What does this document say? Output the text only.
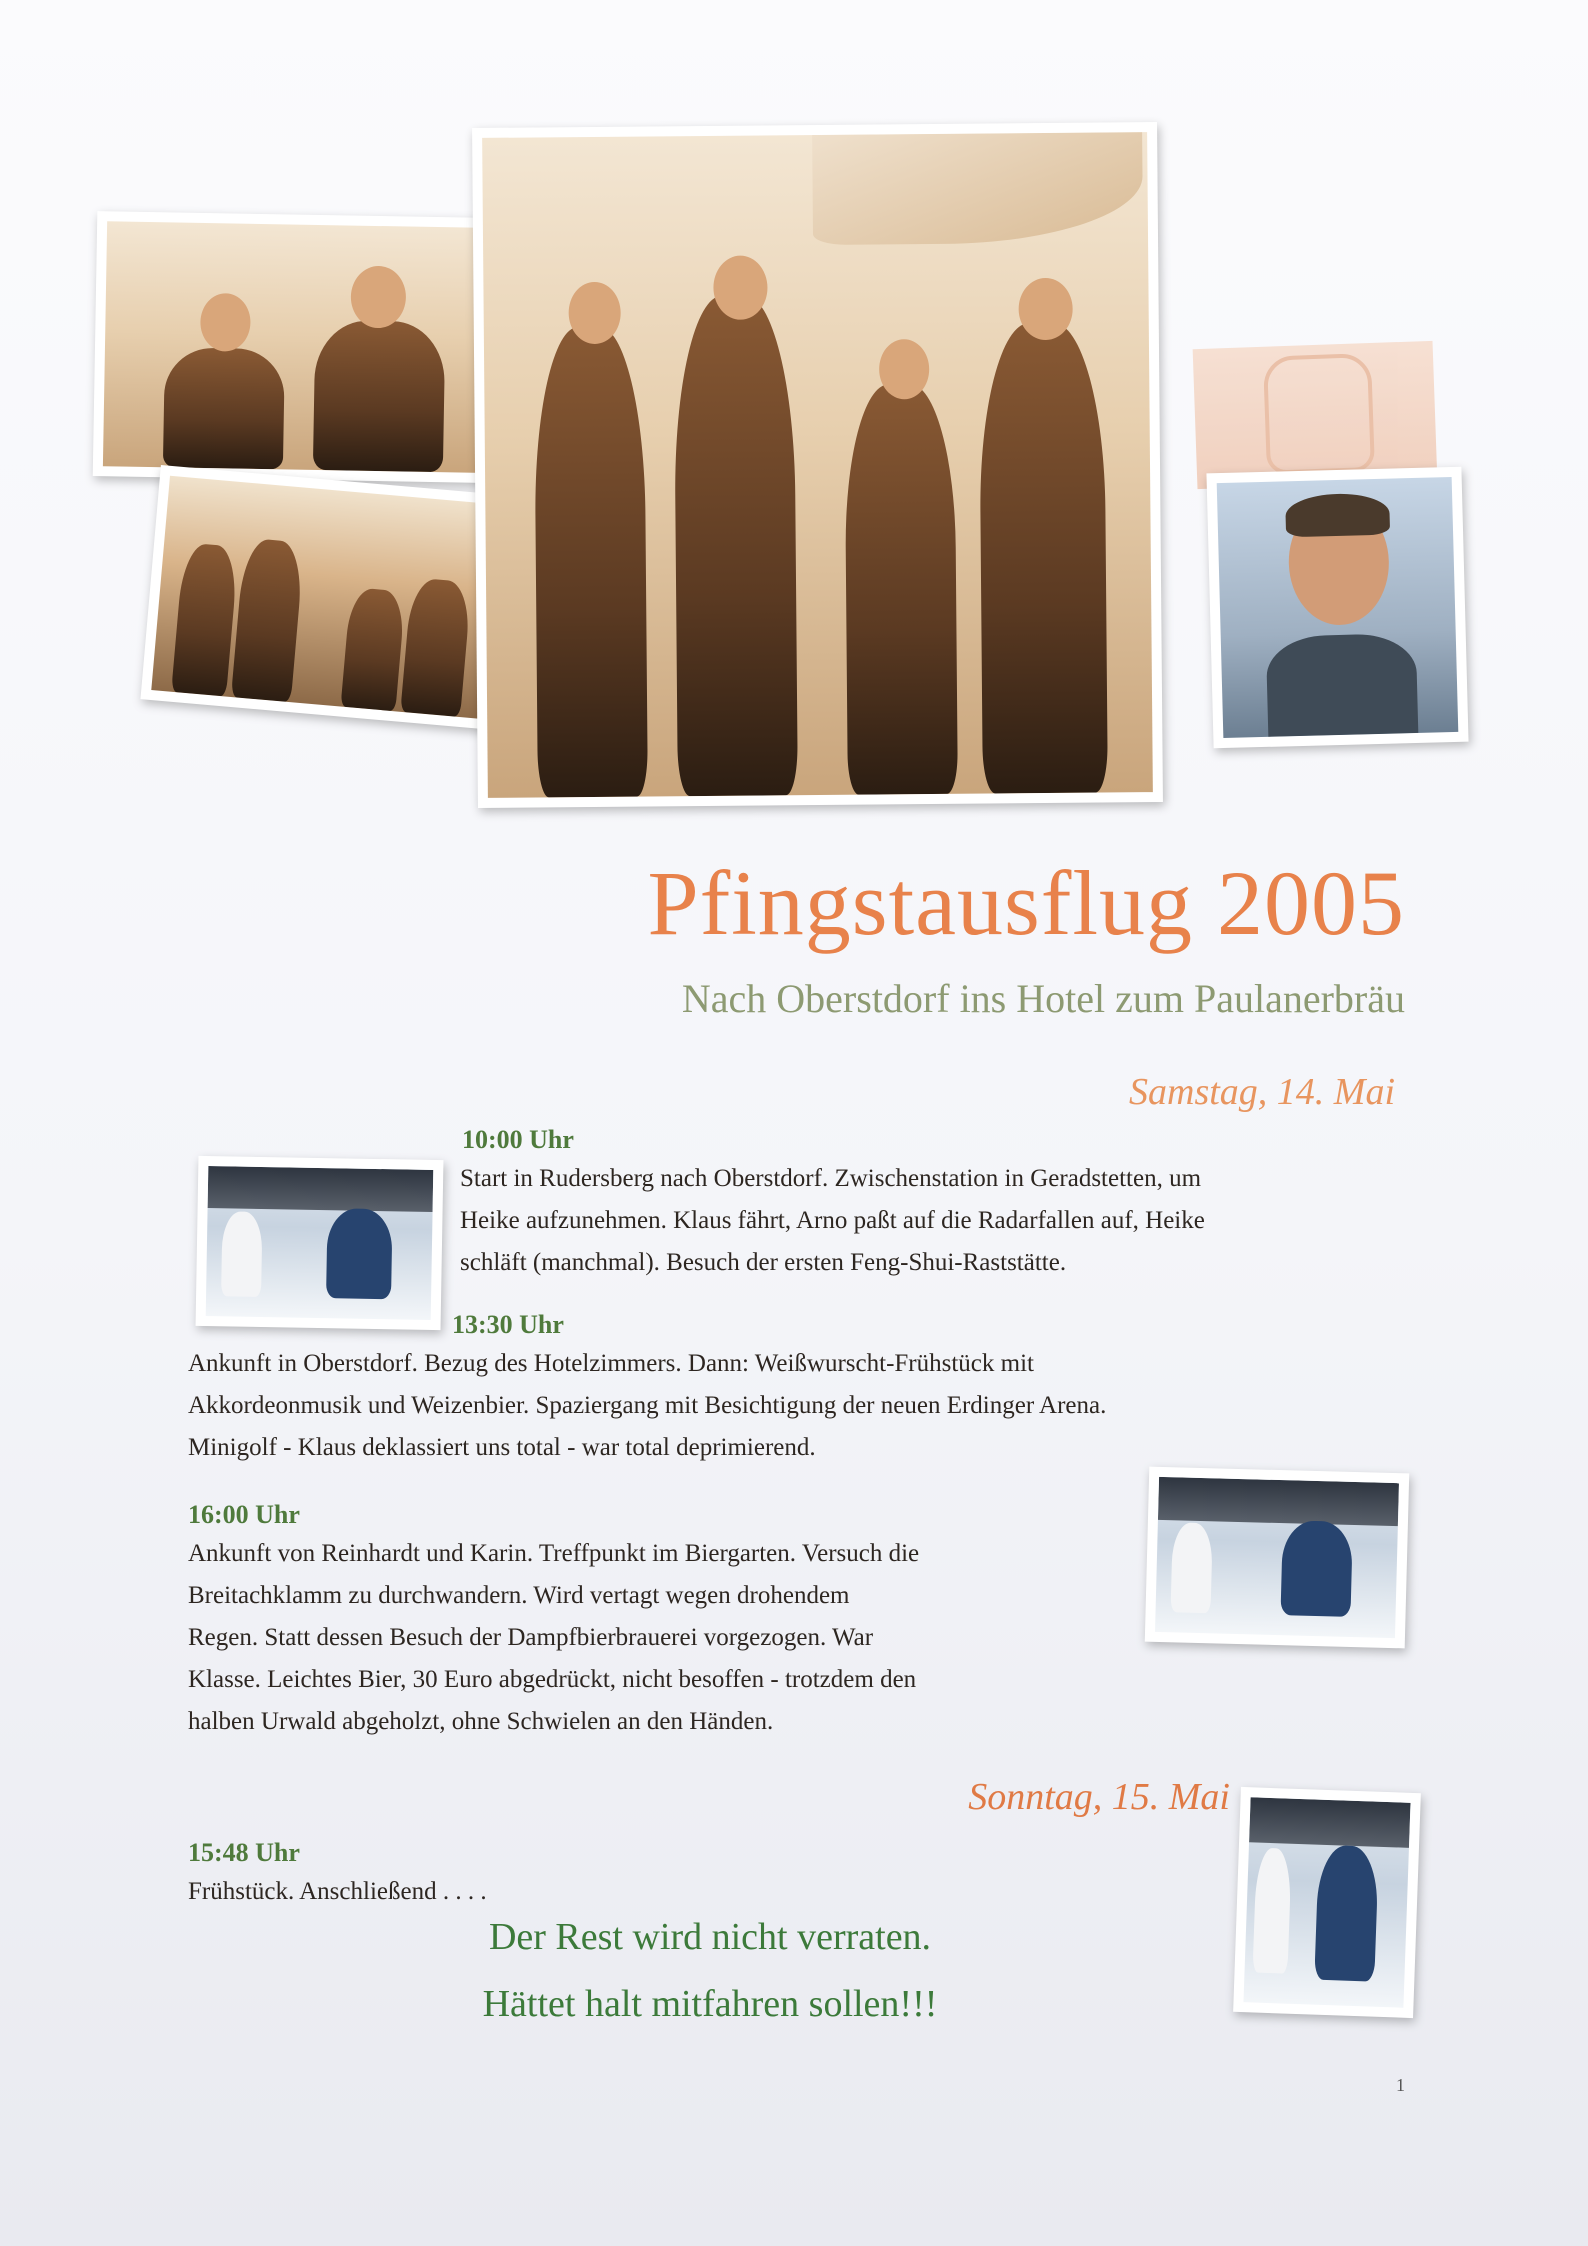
Pfingstausflug 2005
Nach Oberstdorf ins Hotel zum Paulanerbräu
Samstag, 14. Mai
10:00 Uhr
Start in Rudersberg nach Oberstdorf. Zwischenstation in Geradstetten, um
Heike aufzunehmen. Klaus fährt, Arno paßt auf die Radarfallen auf, Heike
schläft (manchmal). Besuch der ersten Feng-Shui-Raststätte.
13:30 Uhr
Ankunft in Oberstdorf. Bezug des Hotelzimmers. Dann: Weißwurscht-Frühstück mit
Akkordeonmusik und Weizenbier. Spaziergang mit Besichtigung der neuen Erdinger Arena.
Minigolf - Klaus deklassiert uns total - war total deprimierend.
16:00 Uhr
Ankunft von Reinhardt und Karin. Treffpunkt im Biergarten. Versuch die
Breitachklamm zu durchwandern. Wird vertagt wegen drohendem
Regen. Statt dessen Besuch der Dampfbierbrauerei vorgezogen. War
Klasse. Leichtes Bier, 30 Euro abgedrückt, nicht besoffen - trotzdem den
halben Urwald abgeholzt, ohne Schwielen an den Händen.
Sonntag, 15. Mai
15:48 Uhr
Frühstück. Anschließend . . . .
Der Rest wird nicht verraten.
Hättet halt mitfahren sollen!!!
1
